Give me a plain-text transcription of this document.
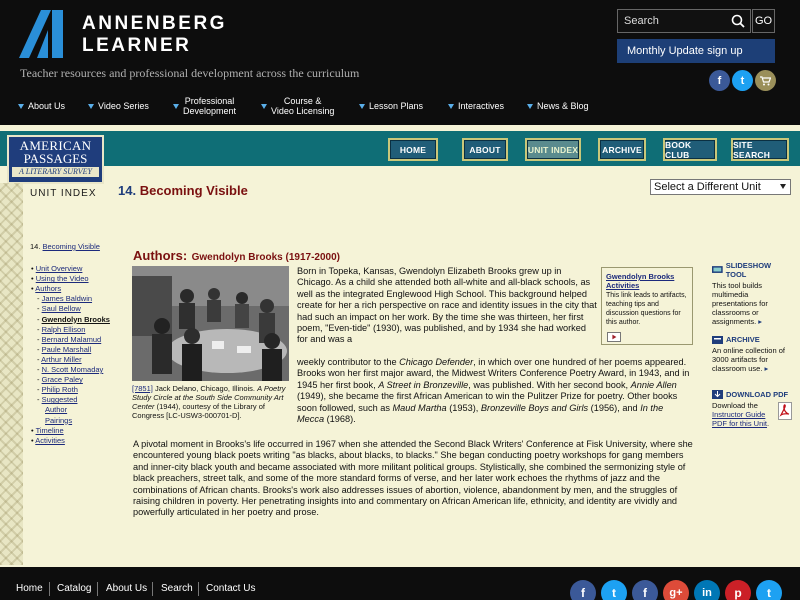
ANNENBERG
LEARNER
Teacher resources and professional development across the curriculum
Search
GO
Monthly Update sign up
f	t
About Us	Video Series	Professional
Development
Course &
Video Licensing	Lesson Plans	Interactives	News & Blog
AMERICAN
PASSAGES
A LITERARY SURVEY
HOME	ABOUT	UNIT INDEX	ARCHIVE	BOOK CLUB
SITE SEARCH
UNIT INDEX 14. Becoming Visible	Select a Different Unit
14. Becoming Visible
• Unit Overview
• Using the Video
• Authors
- James Baldwin
- Saul Bellow
- Gwendolyn Brooks
- Ralph Ellison
- Bernard Malamud
- Paule Marshall
- Arthur Miller
- N. Scott Momaday
- Grace Paley
- Philip Roth
- Suggested
Author
Pairings
• Timeline
• Activities
Authors: Gwendolyn Brooks (1917-2000)
[7851] Jack Delano, Chicago, Illinois. A Poetry Study Circle at the South Side Community Art Center (1944), courtesy of the Library of Congress [LC-USW3-000701-D].
Born in Topeka, Kansas, Gwendolyn Elizabeth Brooks grew up in Chicago. As a child she attended both all-white and all-black schools, as well as the integrated Englewood High School. This background helped create for her a rich perspective on race and identity issues in the city that had such an impact on her work. By the time she was thirteen, her first poem, "Even-tide" (1930), was published, and by 1934 she had worked for and was a
weekly contributor to the Chicago Defender, in which over one hundred of her poems appeared. Brooks won her first major award, the Midwest Writers Conference Poetry Award, in 1943, and in 1945 her first book, A Street in Bronzeville, was published. With her second book, Annie Allen (1949), she became the first African American to win the Pulitzer Prize for poetry. Other books soon followed, such as Maud Martha (1953), Bronzeville Boys and Girls (1956), and In the Mecca (1968).
A pivotal moment in Brooks's life occurred in 1967 when she attended the Second Black Writers' Conference at Fisk University, where she encountered young black poets writing "as blacks, about blacks, to blacks." She began conducting poetry workshops for gang members and inner-city black youth and became associated with more militant political groups. Stylistically, she combined the sermonizing style of black preachers, street talk, and some of the more standard forms of verse, and her later work echoes the rhythms of jazz and the combinations of African chants. Brooks's work also addresses issues of abortion, violence, abandonment by men, and the struggles of raising children in poverty. Her penetrating insights into and commentary on African American life, ethnicity, and identity are vividly and powerfully articulated in her poetry and prose.
Gwendolyn Brooks Activities
This link leads to artifacts, teaching tips and discussion questions for this author.
SLIDESHOW TOOL
This tool builds multimedia presentations for classrooms or assignments. ▸
ARCHIVE
An online collection of 3000 artifacts for classroom use. ▸
DOWNLOAD PDF
Download the Instructor Guide PDF for this Unit.
Home Catalog About Us Search Contact Us	f	t	f	g+	in	p	t
